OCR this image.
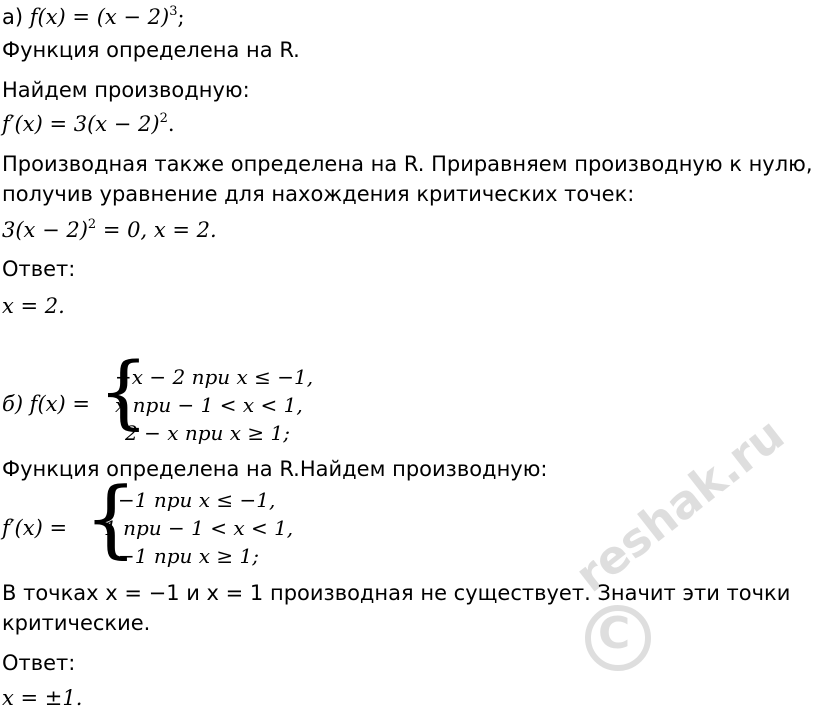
а) $f(x) = (x - 2)^3$;
Функция определена на R.
Найдем производную:
$f'(x) = 3(x - 2)^2$.
Производная также определена на R. Приравняем производную к нулю,
получив уравнение для нахождения критических точек:
$3(x - 2)^2 = 0$, x = 2.
Ответ:
x = 2.
б) f(x) = {
−x − 2 при x ≤ −1,
x при − 1 < x < 1,
2 − x при x ≥ 1;
Функция определена на R.Найдем производную:
f′(x) = {
−1 при x ≤ −1,
1 при − 1 < x < 1,
−1 при x ≥ 1;
В точках x = −1 и x = 1 производная не существует. Значит эти точки
критические.
Ответ:
x = ±1.
C
reshak.ru
